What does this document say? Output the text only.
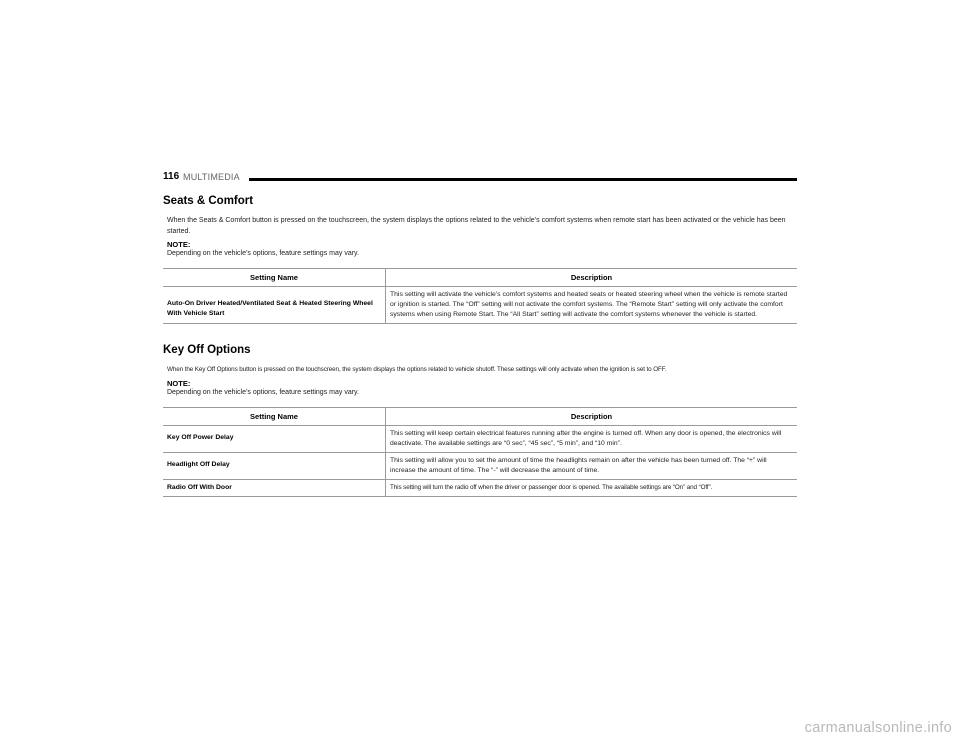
116 MULTIMEDIA
Seats & Comfort
When the Seats & Comfort button is pressed on the touchscreen, the system displays the options related to the vehicle’s comfort systems when remote start has been activated or the vehicle has been started.
NOTE:
Depending on the vehicle’s options, feature settings may vary.
Setting Name	Description
Auto-On Driver Heated/Ventilated Seat & Heated Steering Wheel With Vehicle Start	This setting will activate the vehicle’s comfort systems and heated seats or heated steering wheel when the vehicle is remote started or ignition is started. The “Off” setting will not activate the comfort systems. The “Remote Start” setting will only activate the comfort systems when using Remote Start. The “All Start” setting will activate the comfort systems whenever the vehicle is started.
Key Off Options
When the Key Off Options button is pressed on the touchscreen, the system displays the options related to vehicle shutoff. These settings will only activate when the ignition is set to OFF.
NOTE:
Depending on the vehicle’s options, feature settings may vary.
Setting Name	Description
Key Off Power Delay	This setting will keep certain electrical features running after the engine is turned off. When any door is opened, the electronics will deactivate. The available settings are “0 sec”, “45 sec”, “5 min”, and “10 min”.
Headlight Off Delay	This setting will allow you to set the amount of time the headlights remain on after the vehicle has been turned off. The “+” will increase the amount of time. The “-” will decrease the amount of time.
Radio Off With Door	This setting will turn the radio off when the driver or passenger door is opened. The available settings are “On” and “Off”.
carmanualsonline.info
